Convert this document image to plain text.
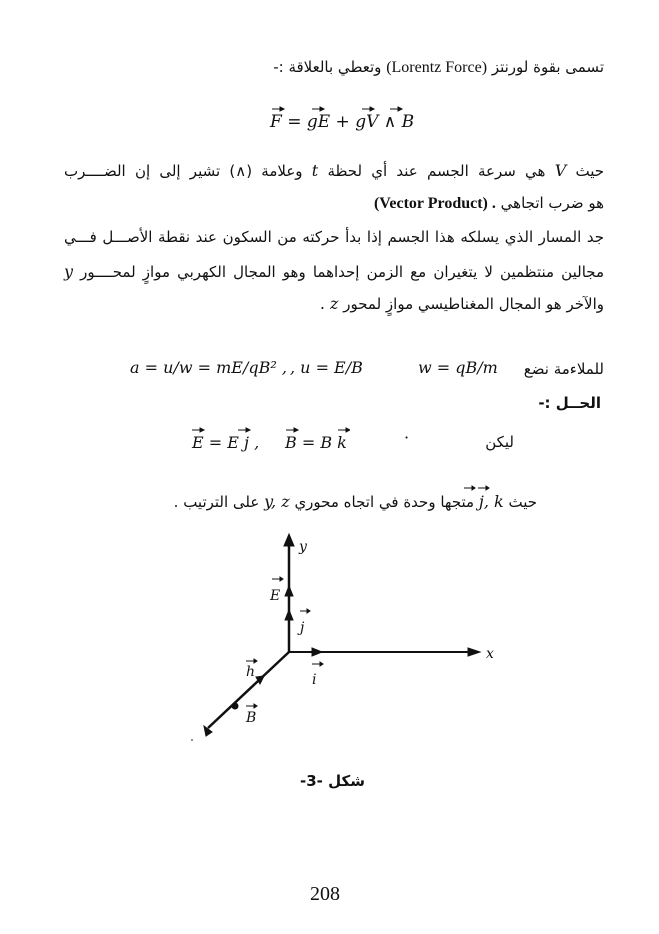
تسمى بقوة لورنتز (Lorentz Force) وتعطي بالعلاقة :-
F = gE + gV ∧ B
حيث V هي سرعة الجسم عند أي لحظة t وعلامة (∧) تشير إلى إن الضــــرب
هو ضرب اتجاهي (Vector Product) .
جد المسار الذي يسلكه هذا الجسم إذا بدأ حركته من السكون عند نقطة الأصـــل فـــي
مجالين منتظمين لا يتغيران مع الزمن إحداهما وهو المجال الكهربي موازٍ لمحــــور y
والآخر هو المجال المغناطيسي موازٍ لمحور z .
للملاءمة نضع
w = qB/m
, u = E/B
a = u/w = mE/qB² ,
الحــل :-
ليكن
·
E = E j , B = B k
حيث j, k متجها وحدة في اتجاه محوري y, z على الترتيب .
y
x
E
j
i
h
B
شكل -3-
208
